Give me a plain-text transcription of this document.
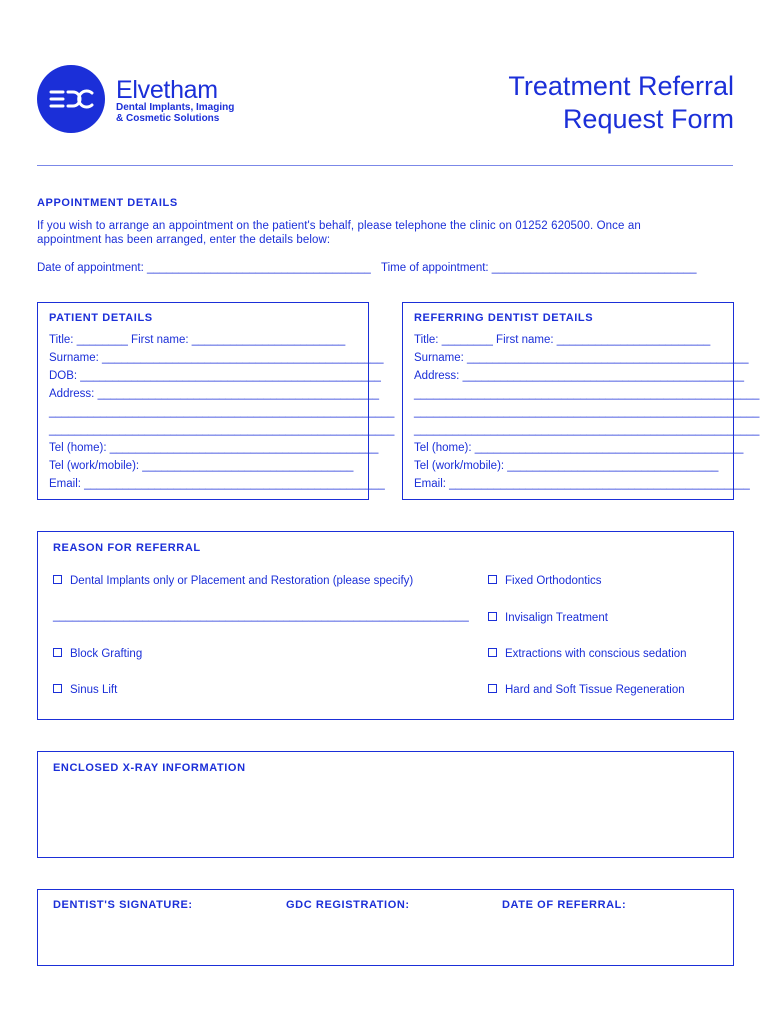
Elvetham
Dental Implants, Imaging
& Cosmetic Solutions
Treatment Referral
Request Form
APPOINTMENT DETAILS
If you wish to arrange an appointment on the patient's behalf, please telephone the clinic on 01252 620500. Once an
appointment has been arranged, enter the details below:
Date of appointment: ___________________________________ Time of appointment: ________________________________
PATIENT DETAILS
Title: ________ First name: ________________________
Surname: ____________________________________________
DOB: _______________________________________________
Address: ____________________________________________
______________________________________________________
______________________________________________________
Tel (home): __________________________________________
Tel (work/mobile): _________________________________
Email: _______________________________________________
REFERRING DENTIST DETAILS
Title: ________ First name: ________________________
Surname: ____________________________________________
Address: ____________________________________________
______________________________________________________
______________________________________________________
______________________________________________________
Tel (home): __________________________________________
Tel (work/mobile): _________________________________
Email: _______________________________________________
REASON FOR REFERRAL
Dental Implants only or Placement and Restoration (please specify)
_________________________________________________________________
Block Grafting
Sinus Lift
Fixed Orthodontics
Invisalign Treatment
Extractions with conscious sedation
Hard and Soft Tissue Regeneration
ENCLOSED X-RAY INFORMATION
DENTIST'S SIGNATURE:	GDC REGISTRATION:	DATE OF REFERRAL:
